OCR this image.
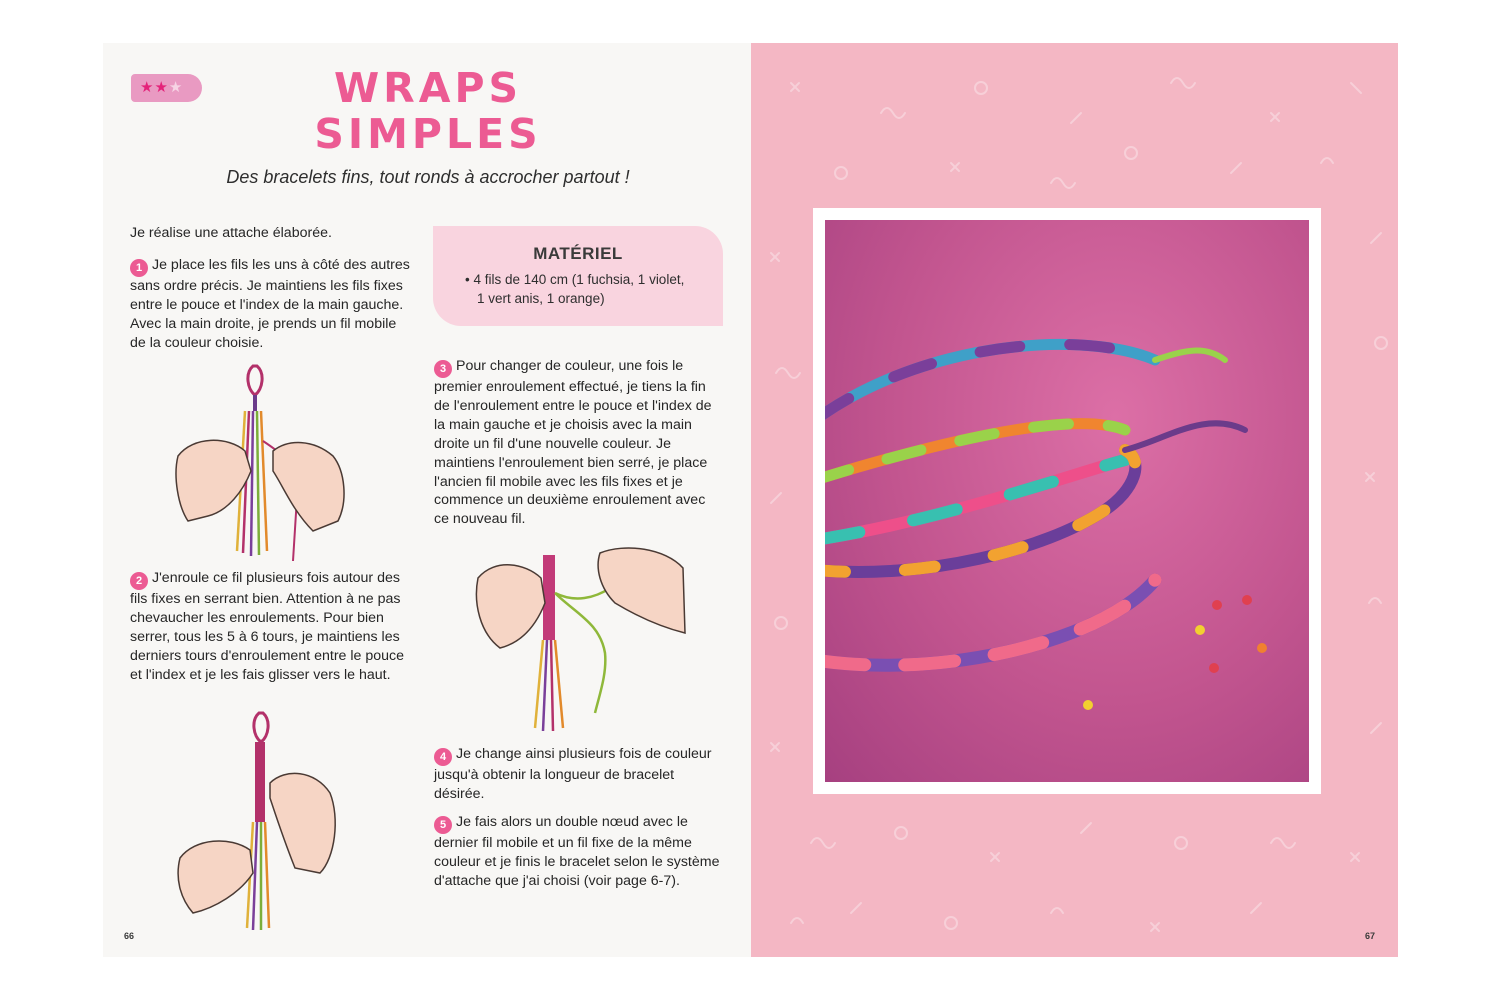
★★★	WRAPS
SIMPLES
Des bracelets fins, tout ronds à accrocher partout !
Je réalise une attache élaborée.
1 Je place les fils les uns à côté des autres sans ordre précis. Je maintiens les fils fixes entre le pouce et l'index de la main gauche. Avec la main droite, je prends un fil mobile de la couleur choisie.
2 J'enroule ce fil plusieurs fois autour des fils fixes en serrant bien. Attention à ne pas chevaucher les enroulements. Pour bien serrer, tous les 5 à 6 tours, je maintiens les derniers tours d'enroulement entre le pouce et l'index et je les fais glisser vers le haut.
MATÉRIEL
• 4 fils de 140 cm (1 fuchsia, 1 violet,
1 vert anis, 1 orange)
3 Pour changer de couleur, une fois le premier enroulement effectué, je tiens la fin de l'enroulement entre le pouce et l'index de la main gauche et je choisis avec la main droite un fil d'une nouvelle couleur. Je maintiens l'enroulement bien serré, je place l'ancien fil mobile avec les fils fixes et je commence un deuxième enroulement avec ce nouveau fil.
4 Je change ainsi plusieurs fois de couleur jusqu'à obtenir la longueur de bracelet désirée.
5 Je fais alors un double nœud avec le dernier fil mobile et un fil fixe de la même couleur et je finis le bracelet selon le système d'attache que j'ai choisi (voir page 6-7).
66	67
